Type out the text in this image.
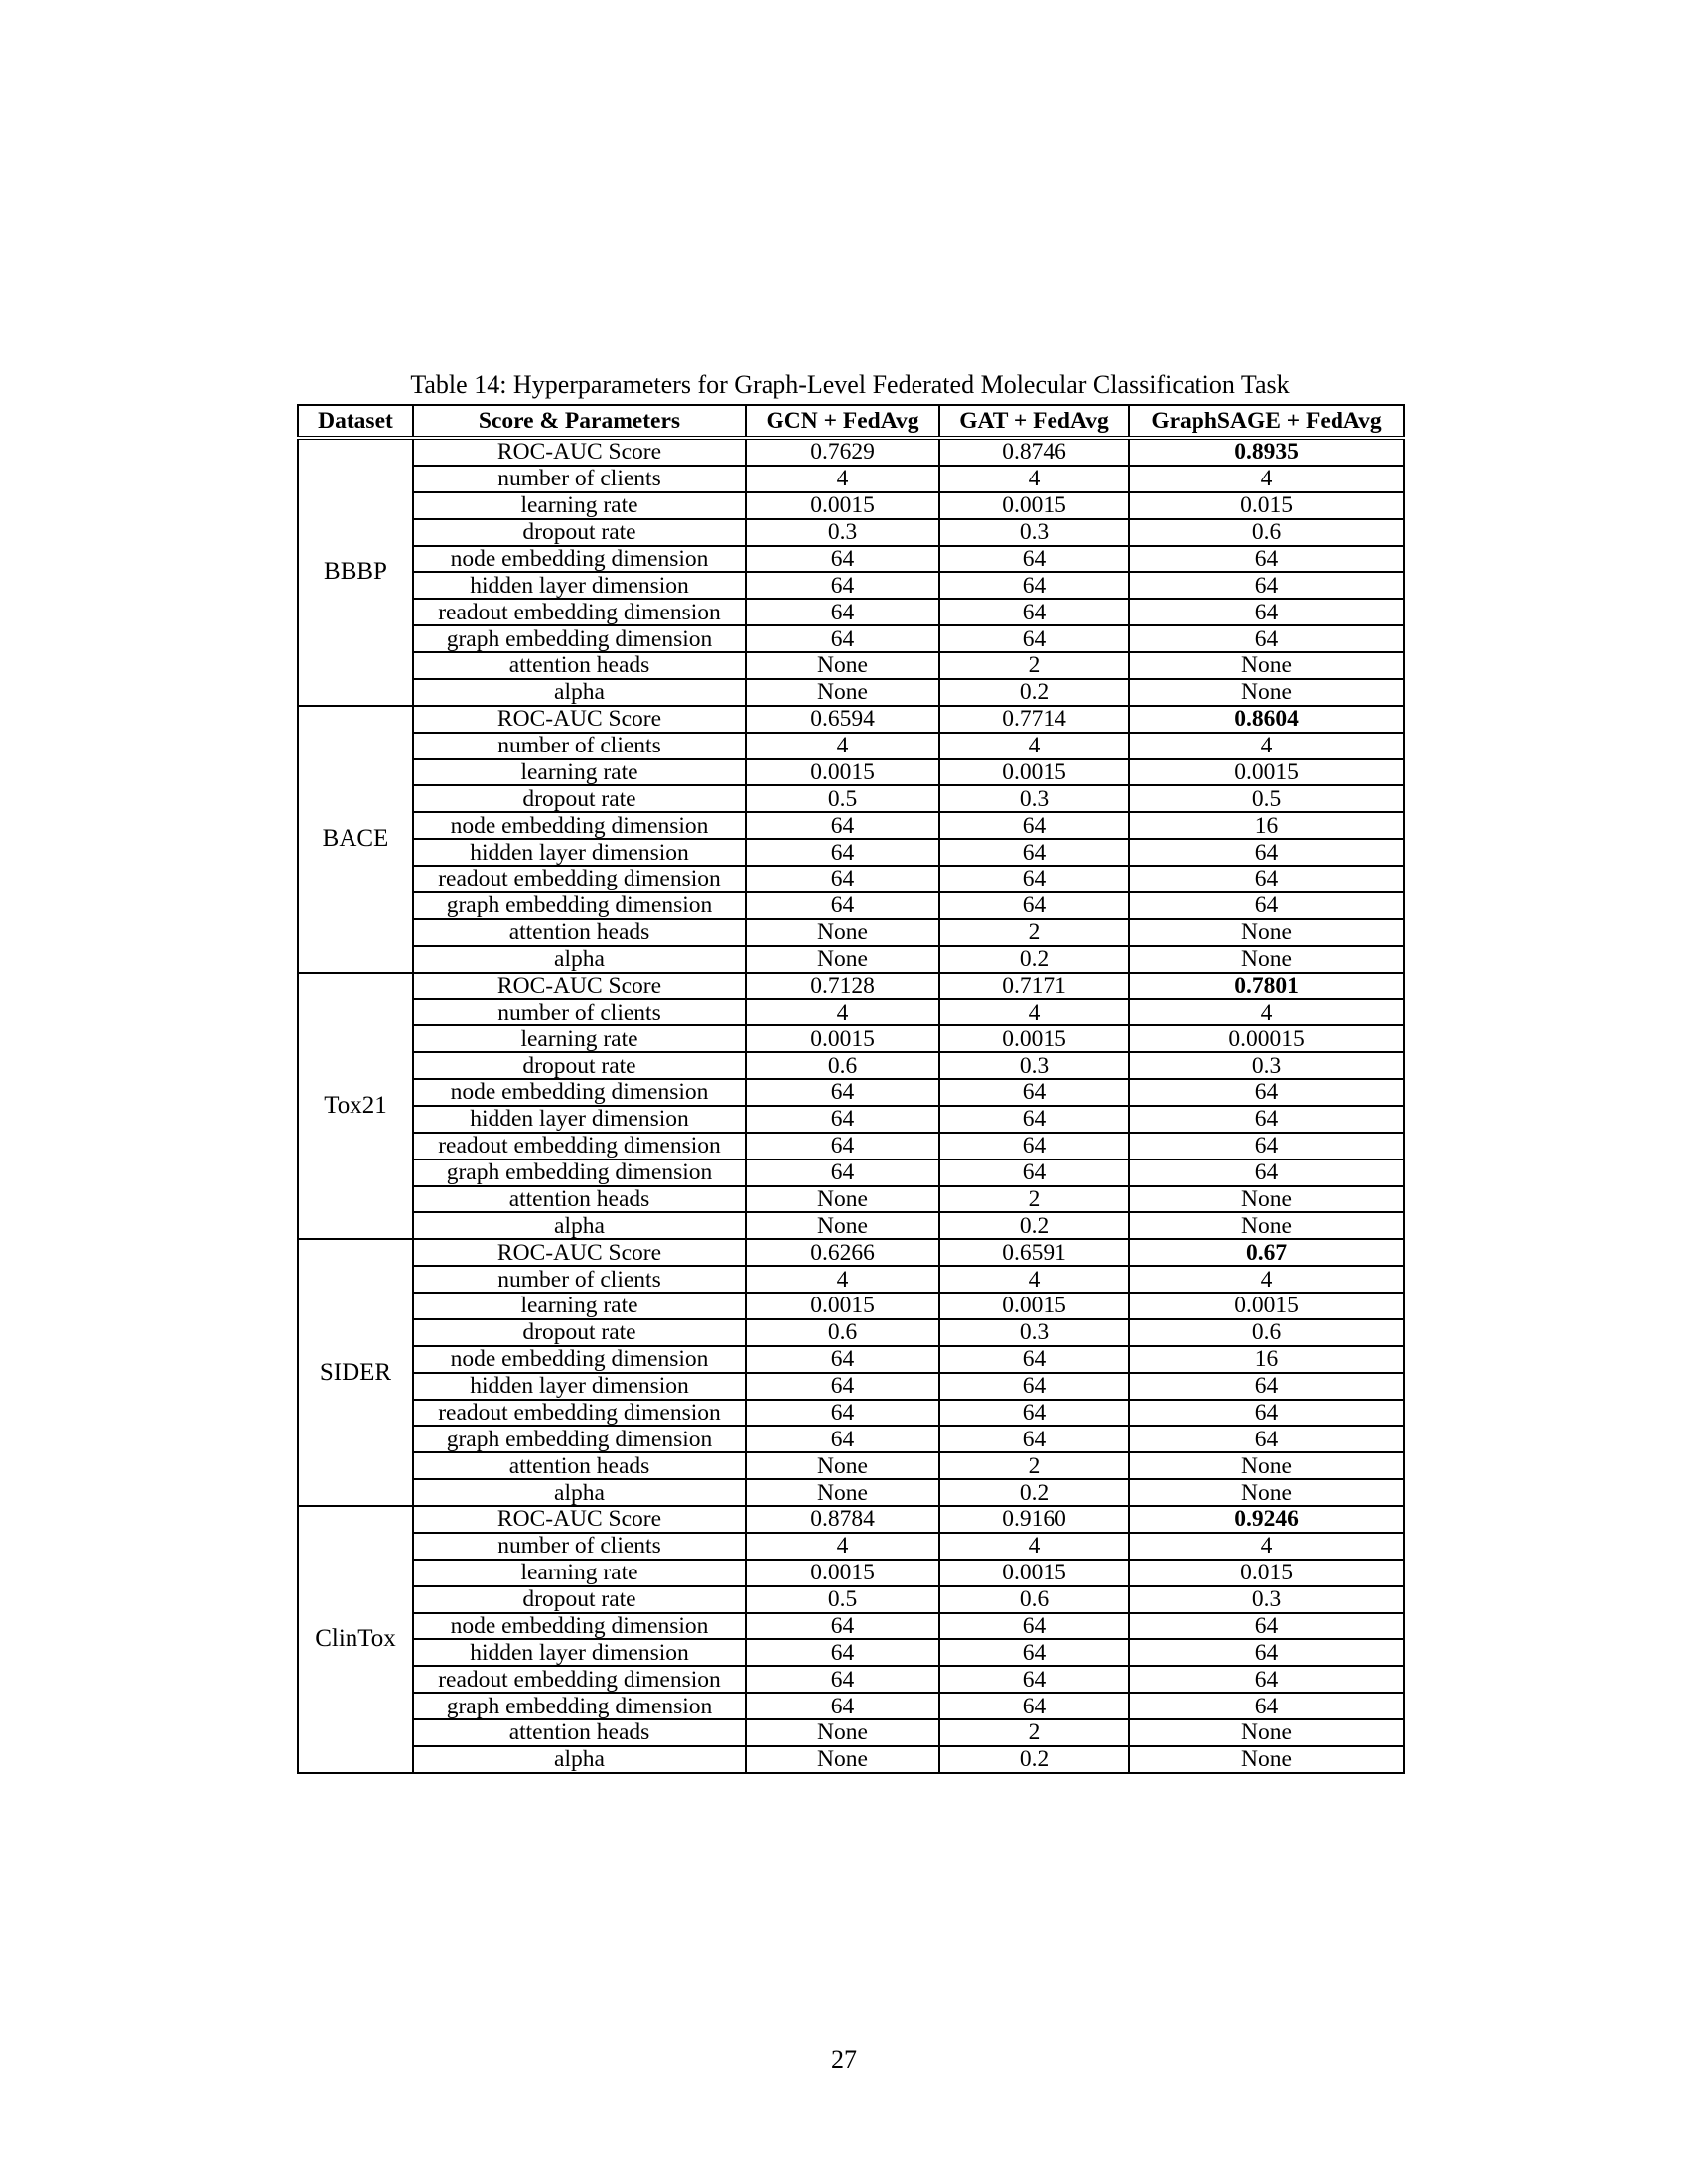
Table 14: Hyperparameters for Graph-Level Federated Molecular Classification Task
Dataset	Score & Parameters	GCN + FedAvg	GAT + FedAvg	GraphSAGE + FedAvg
BBBP	ROC-AUC Score	0.7629	0.8746	0.8935
	number of clients	4	4	4
	learning rate	0.0015	0.0015	0.015
	dropout rate	0.3	0.3	0.6
	node embedding dimension	64	64	64
	hidden layer dimension	64	64	64
	readout embedding dimension	64	64	64
	graph embedding dimension	64	64	64
	attention heads	None	2	None
	alpha	None	0.2	None
BACE	ROC-AUC Score	0.6594	0.7714	0.8604
	number of clients	4	4	4
	learning rate	0.0015	0.0015	0.0015
	dropout rate	0.5	0.3	0.5
	node embedding dimension	64	64	16
	hidden layer dimension	64	64	64
	readout embedding dimension	64	64	64
	graph embedding dimension	64	64	64
	attention heads	None	2	None
	alpha	None	0.2	None
Tox21	ROC-AUC Score	0.7128	0.7171	0.7801
	number of clients	4	4	4
	learning rate	0.0015	0.0015	0.00015
	dropout rate	0.6	0.3	0.3
	node embedding dimension	64	64	64
	hidden layer dimension	64	64	64
	readout embedding dimension	64	64	64
	graph embedding dimension	64	64	64
	attention heads	None	2	None
	alpha	None	0.2	None
SIDER	ROC-AUC Score	0.6266	0.6591	0.67
	number of clients	4	4	4
	learning rate	0.0015	0.0015	0.0015
	dropout rate	0.6	0.3	0.6
	node embedding dimension	64	64	16
	hidden layer dimension	64	64	64
	readout embedding dimension	64	64	64
	graph embedding dimension	64	64	64
	attention heads	None	2	None
	alpha	None	0.2	None
ClinTox	ROC-AUC Score	0.8784	0.9160	0.9246
	number of clients	4	4	4
	learning rate	0.0015	0.0015	0.015
	dropout rate	0.5	0.6	0.3
	node embedding dimension	64	64	64
	hidden layer dimension	64	64	64
	readout embedding dimension	64	64	64
	graph embedding dimension	64	64	64
	attention heads	None	2	None
	alpha	None	0.2	None
27
